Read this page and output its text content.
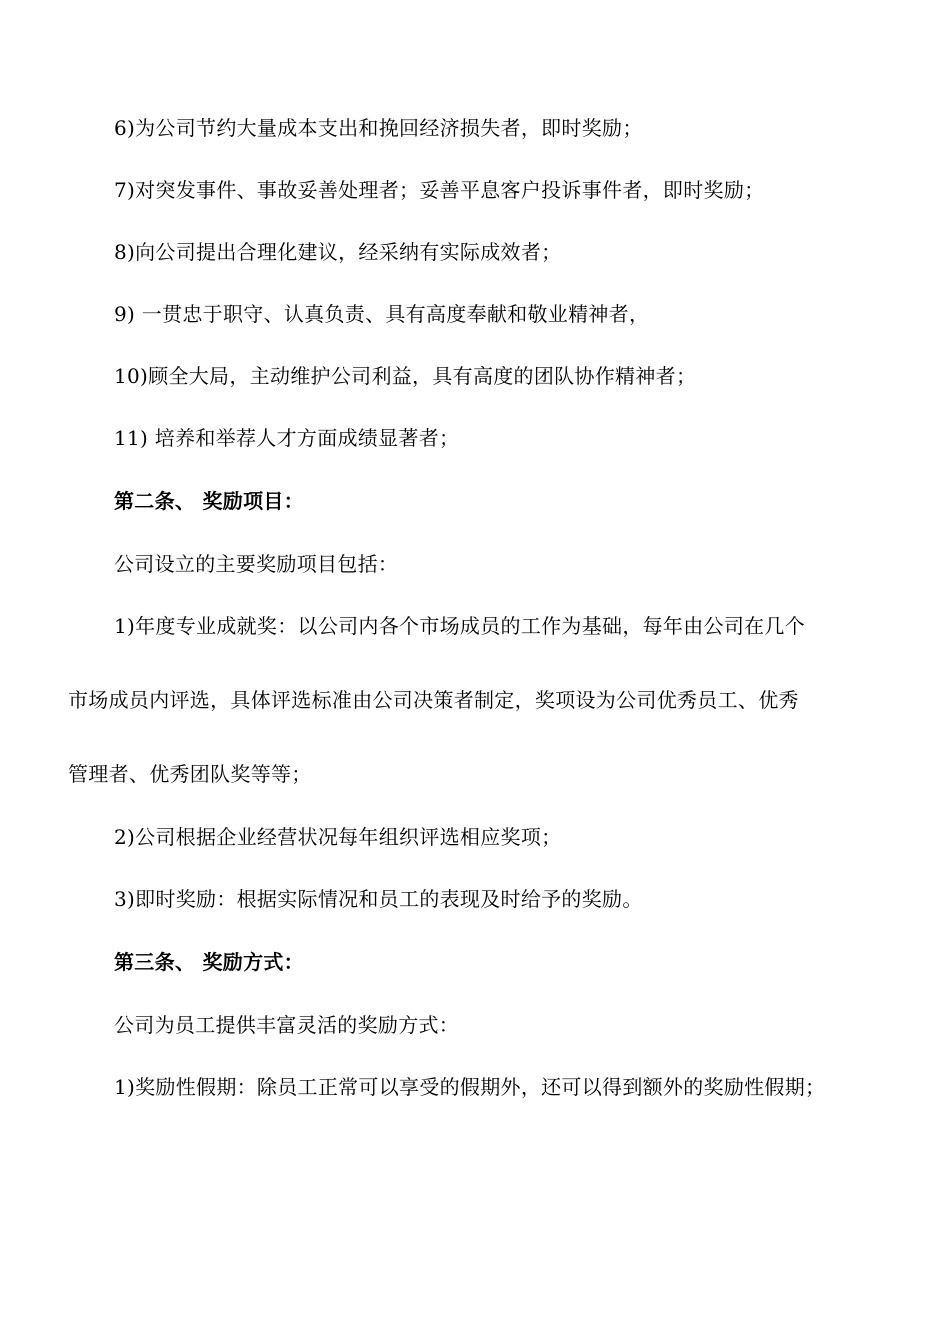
6)为公司节约大量成本支出和挽回经济损失者，即时奖励；
7)对突发事件、事故妥善处理者；妥善平息客户投诉事件者，即时奖励；
8)向公司提出合理化建议，经采纳有实际成效者；
9) 一贯忠于职守、认真负责、具有高度奉献和敬业精神者，
10)顾全大局，主动维护公司利益，具有高度的团队协作精神者；
11) 培养和举荐人才方面成绩显著者；
第二条、 奖励项目：
公司设立的主要奖励项目包括：
1)年度专业成就奖：以公司内各个市场成员的工作为基础，每年由公司在几个
市场成员内评选，具体评选标准由公司决策者制定，奖项设为公司优秀员工、优秀
管理者、优秀团队奖等等；
2)公司根据企业经营状况每年组织评选相应奖项；
3)即时奖励：根据实际情况和员工的表现及时给予的奖励。
第三条、 奖励方式：
公司为员工提供丰富灵活的奖励方式：
1)奖励性假期：除员工正常可以享受的假期外，还可以得到额外的奖励性假期；
